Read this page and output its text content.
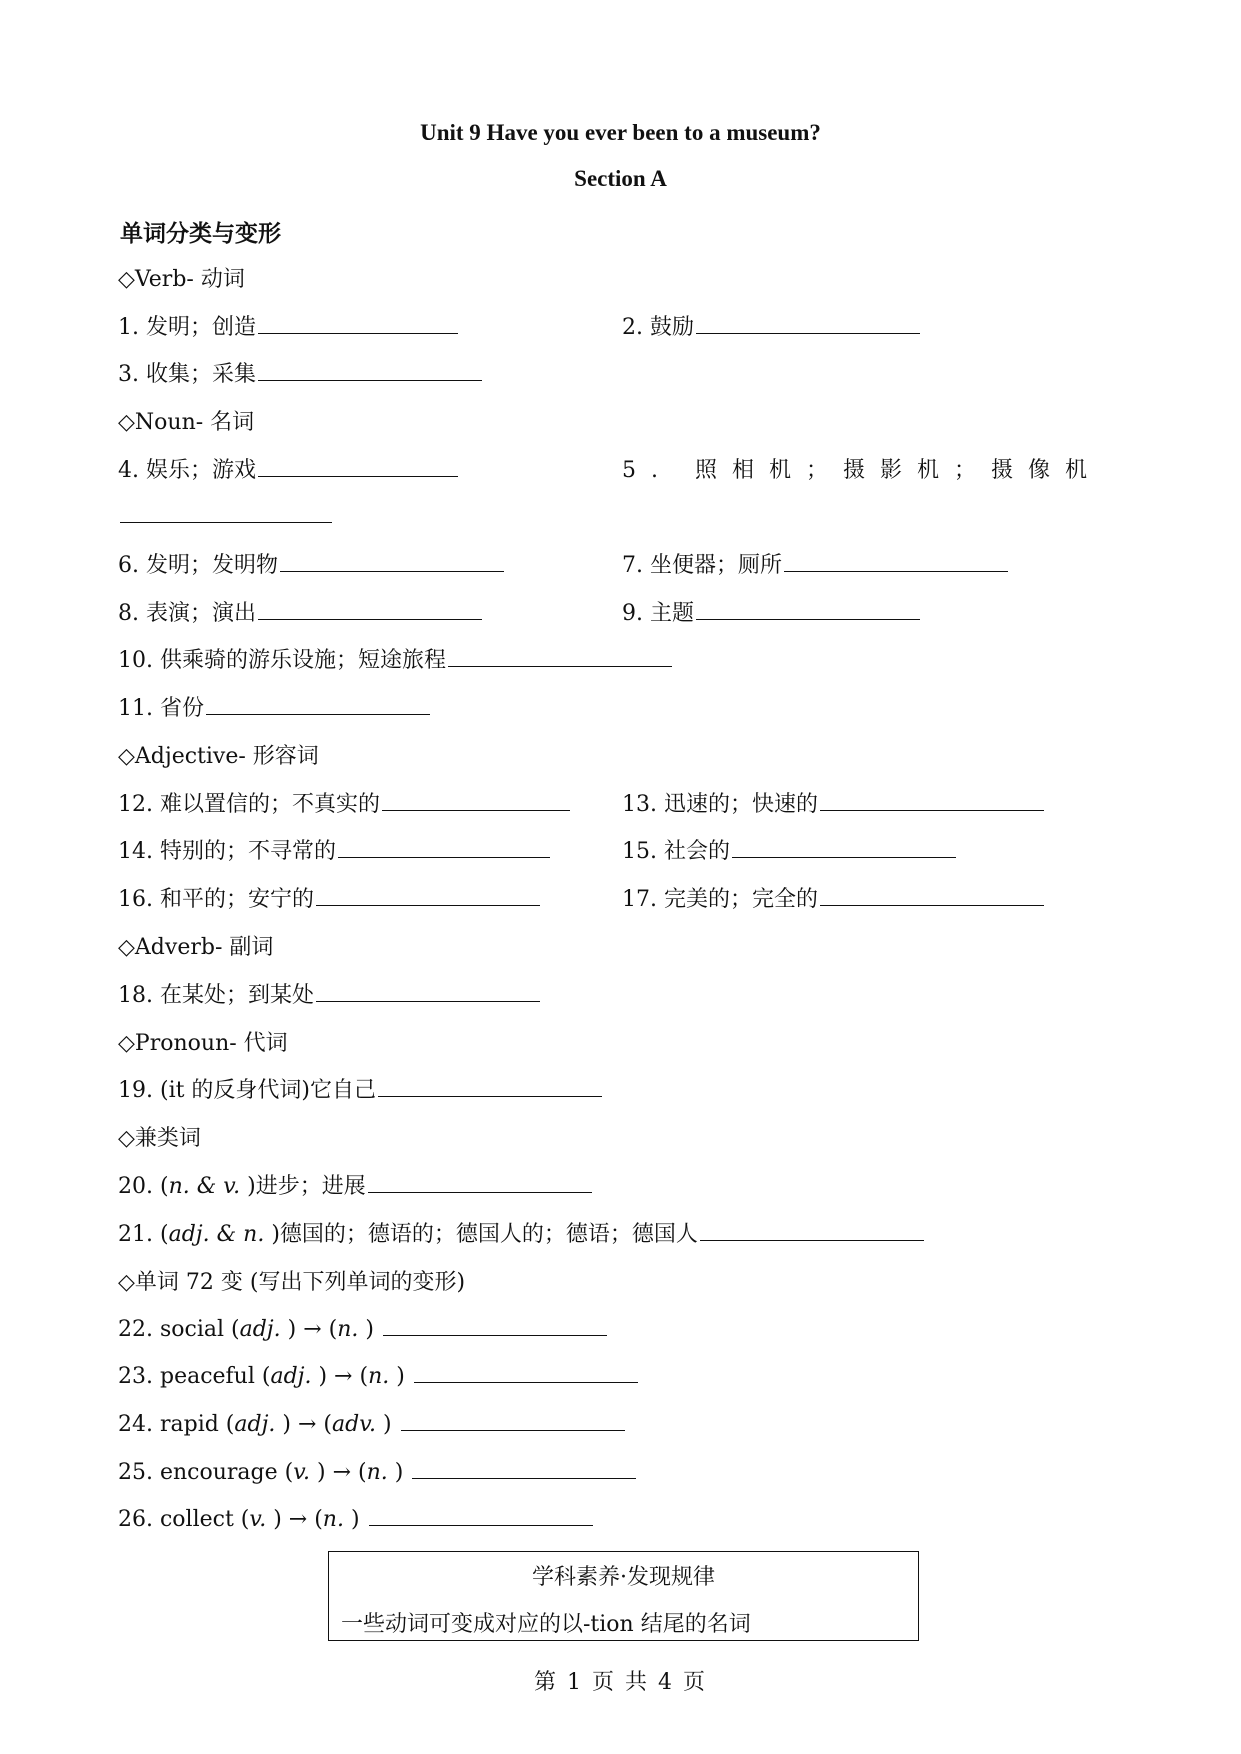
Unit 9 Have you ever been to a museum?
Section A
单词分类与变形
◇Verb- 动词
1. 发明；创造	2. 鼓励
3. 收集；采集
◇Noun- 名词
4. 娱乐；游戏	5. 照相机；摄影机；摄像机
6. 发明；发明物	7. 坐便器；厕所
8. 表演；演出	9. 主题
10. 供乘骑的游乐设施；短途旅程
11. 省份
◇Adjective- 形容词
12. 难以置信的；不真实的	13. 迅速的；快速的
14. 特别的；不寻常的	15. 社会的
16. 和平的；安宁的	17. 完美的；完全的
◇Adverb- 副词
18. 在某处；到某处
◇Pronoun- 代词
19. (it 的反身代词)它自己
◇兼类词
20. (n. & v. )进步；进展
21. (adj. & n. )德国的；德语的；德国人的；德语；德国人
◇单词 72 变 (写出下列单词的变形)
22. social (adj. ) → (n. )
23. peaceful (adj. ) → (n. )
24. rapid (adj. ) → (adv. )
25. encourage (v. ) → (n. )
26. collect (v. ) → (n. )
学科素养·发现规律
一些动词可变成对应的以-tion 结尾的名词
第 1 页 共 4 页
